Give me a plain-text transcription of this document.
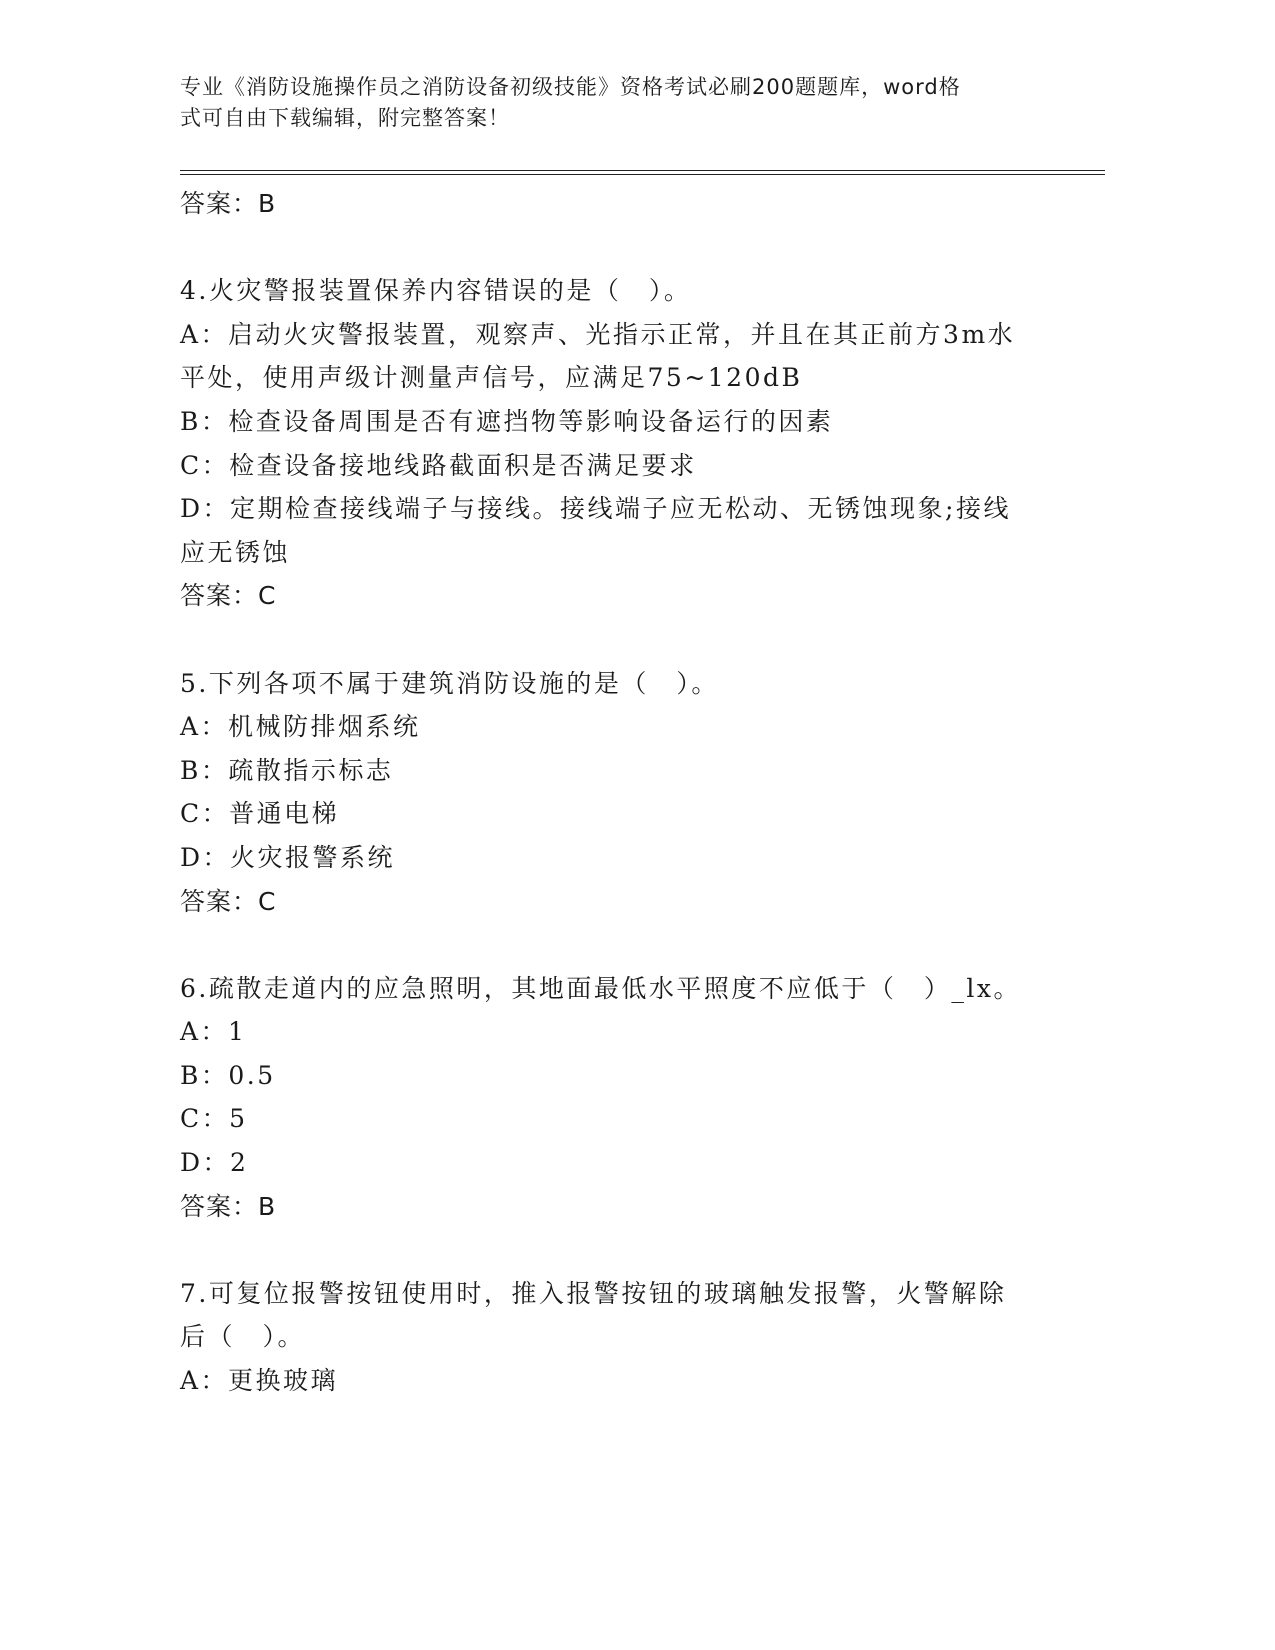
专业《消防设施操作员之消防设备初级技能》资格考试必刷200题题库，word格
式可自由下载编辑，附完整答案！
答案：B
4.火灾警报装置保养内容错误的是（　）。
A：启动火灾警报装置，观察声、光指示正常，并且在其正前方3m水
平处，使用声级计测量声信号，应满足75~120dB
B：检查设备周围是否有遮挡物等影响设备运行的因素
C：检查设备接地线路截面积是否满足要求
D：定期检查接线端子与接线。接线端子应无松动、无锈蚀现象;接线
应无锈蚀
答案：C
5.下列各项不属于建筑消防设施的是（　）。
A：机械防排烟系统
B：疏散指示标志
C：普通电梯
D：火灾报警系统
答案：C
6.疏散走道内的应急照明，其地面最低水平照度不应低于（　）_lx。
A：1
B：0.5
C：5
D：2
答案：B
7.可复位报警按钮使用时，推入报警按钮的玻璃触发报警，火警解除
后（　）。
A：更换玻璃
